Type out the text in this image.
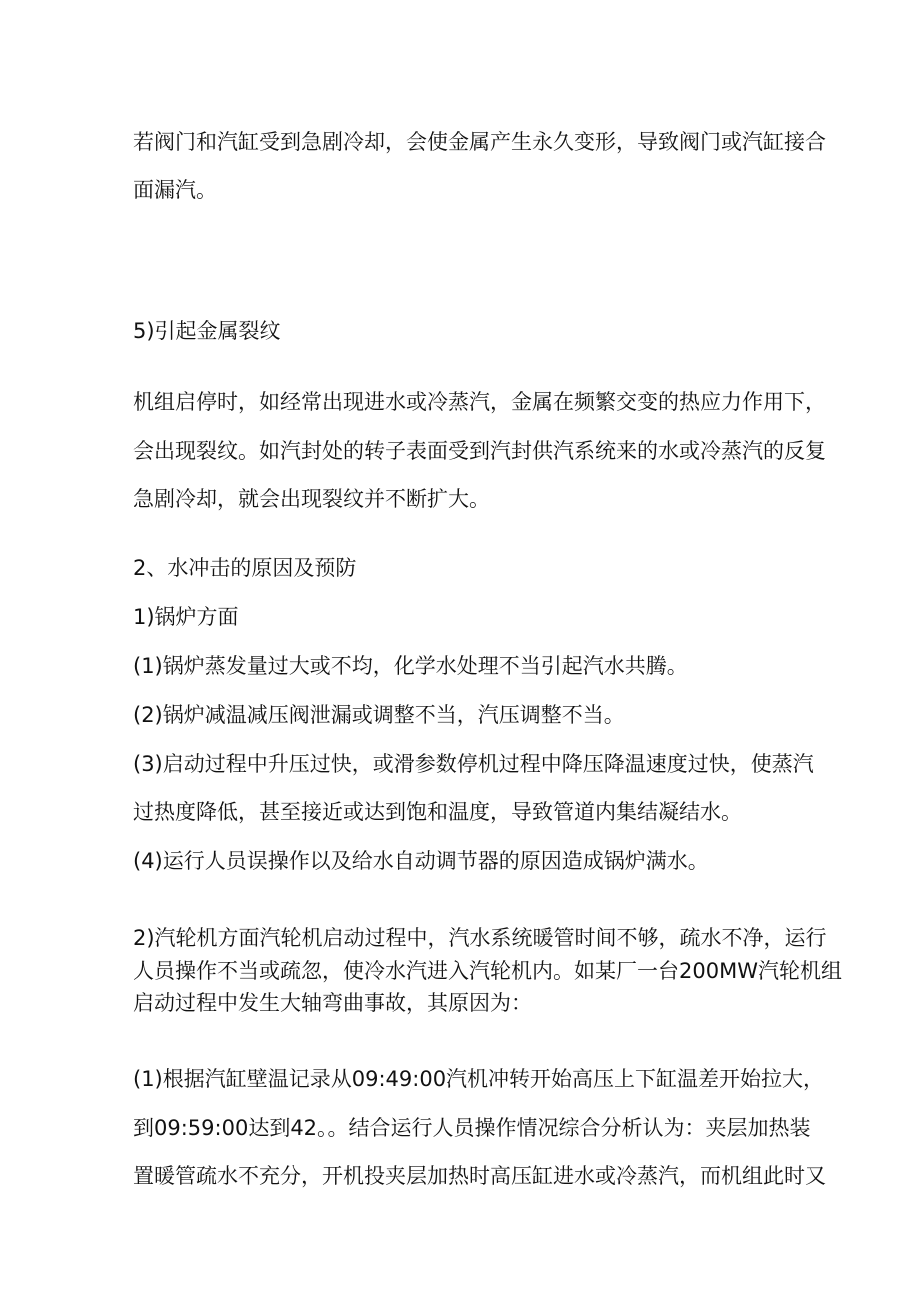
若阀门和汽缸受到急剧冷却，会使金属产生永久变形，导致阀门或汽缸接合
面漏汽。
5)引起金属裂纹
机组启停时，如经常出现进水或冷蒸汽，金属在频繁交变的热应力作用下，
会出现裂纹。如汽封处的转子表面受到汽封供汽系统来的水或冷蒸汽的反复
急剧冷却，就会出现裂纹并不断扩大。
2、水冲击的原因及预防
1)锅炉方面
(1)锅炉蒸发量过大或不均，化学水处理不当引起汽水共腾。
(2)锅炉减温减压阀泄漏或调整不当，汽压调整不当。
(3)启动过程中升压过快，或滑参数停机过程中降压降温速度过快，使蒸汽
过热度降低，甚至接近或达到饱和温度，导致管道内集结凝结水。
(4)运行人员误操作以及给水自动调节器的原因造成锅炉满水。
2)汽轮机方面汽轮机启动过程中，汽水系统暖管时间不够，疏水不净，运行
人员操作不当或疏忽，使冷水汽进入汽轮机内。如某厂一台200MW汽轮机组
启动过程中发生大轴弯曲事故，其原因为：
(1)根据汽缸壁温记录从09:49:00汽机冲转开始高压上下缸温差开始拉大，
到09:59:00达到42。。结合运行人员操作情况综合分析认为：夹层加热装
置暖管疏水不充分，开机投夹层加热时高压缸进水或冷蒸汽，而机组此时又
